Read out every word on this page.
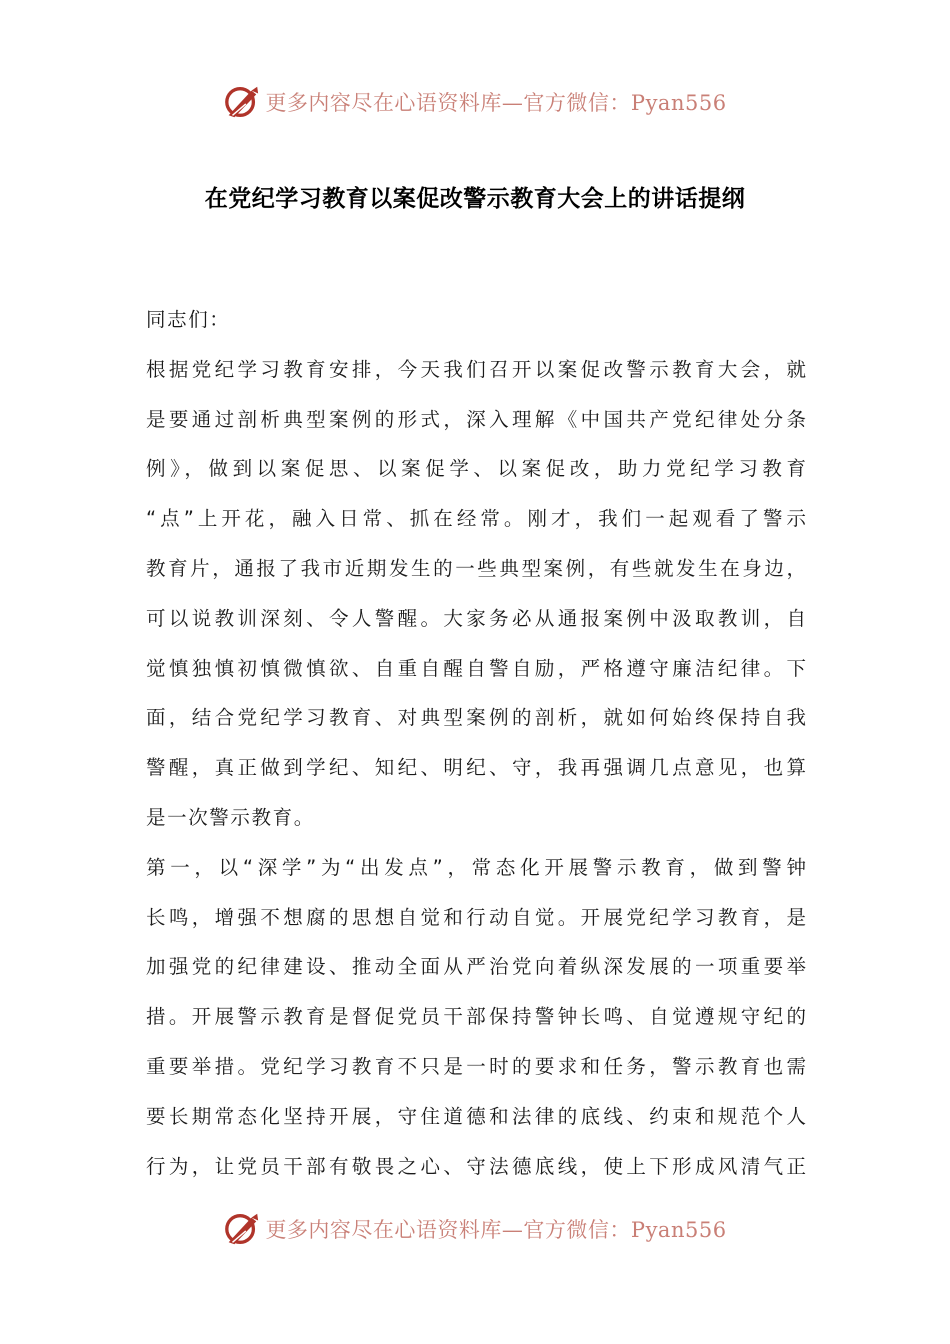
更多内容尽在心语资料库—官方微信：Pyan556
在党纪学习教育以案促改警示教育大会上的讲话提纲
同志们：
根据党纪学习教育安排，今天我们召开以案促改警示教育大会，就
是要通过剖析典型案例的形式，深入理解《中国共产党纪律处分条
例》，做到以案促思、以案促学、以案促改，助力党纪学习教育
“点”上开花，融入日常、抓在经常。刚才，我们一起观看了警示
教育片，通报了我市近期发生的一些典型案例，有些就发生在身边，
可以说教训深刻、令人警醒。大家务必从通报案例中汲取教训，自
觉慎独慎初慎微慎欲、自重自醒自警自励，严格遵守廉洁纪律。下
面，结合党纪学习教育、对典型案例的剖析，就如何始终保持自我
警醒，真正做到学纪、知纪、明纪、守，我再强调几点意见，也算
是一次警示教育。
第一，以“深学”为“出发点”，常态化开展警示教育，做到警钟
长鸣，增强不想腐的思想自觉和行动自觉。开展党纪学习教育，是
加强党的纪律建设、推动全面从严治党向着纵深发展的一项重要举
措。开展警示教育是督促党员干部保持警钟长鸣、自觉遵规守纪的
重要举措。党纪学习教育不只是一时的要求和任务，警示教育也需
要长期常态化坚持开展，守住道德和法律的底线、约束和规范个人
行为，让党员干部有敬畏之心、守法德底线，使上下形成风清气正
更多内容尽在心语资料库—官方微信：Pyan556
